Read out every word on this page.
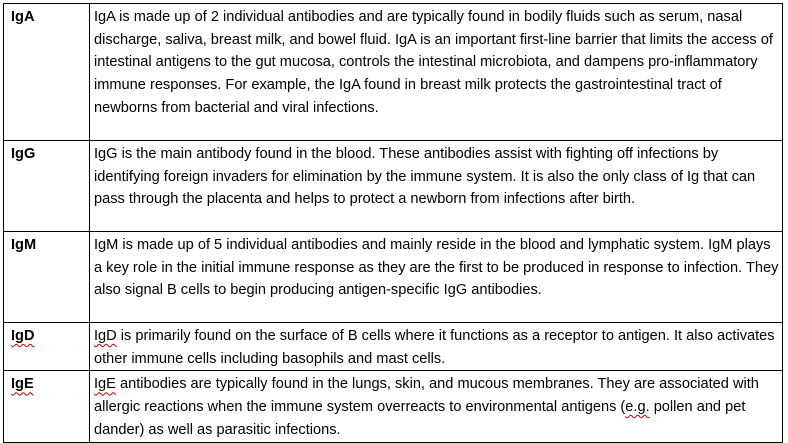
IgA	IgA is made up of 2 individual antibodies and are typically found in bodily fluids such as serum, nasal discharge, saliva, breast milk, and bowel fluid. IgA is an important first-line barrier that limits the access of intestinal antigens to the gut mucosa, controls the intestinal microbiota, and dampens pro-inflammatory immune responses. For example, the IgA found in breast milk protects the gastrointestinal tract of newborns from bacterial and viral infections.
IgG	IgG is the main antibody found in the blood. These antibodies assist with fighting off infections by identifying foreign invaders for elimination by the immune system. It is also the only class of Ig that can pass through the placenta and helps to protect a newborn from infections after birth.
IgM	IgM is made up of 5 individual antibodies and mainly reside in the blood and lymphatic system. IgM plays a key role in the initial immune response as they are the first to be produced in response to infection. They also signal B cells to begin producing antigen-specific IgG antibodies.
IgD	IgD is primarily found on the surface of B cells where it functions as a receptor to antigen. It also activates other immune cells including basophils and mast cells.
IgE	IgE antibodies are typically found in the lungs, skin, and mucous membranes. They are associated with allergic reactions when the immune system overreacts to environmental antigens (e.g. pollen and pet dander) as well as parasitic infections.
